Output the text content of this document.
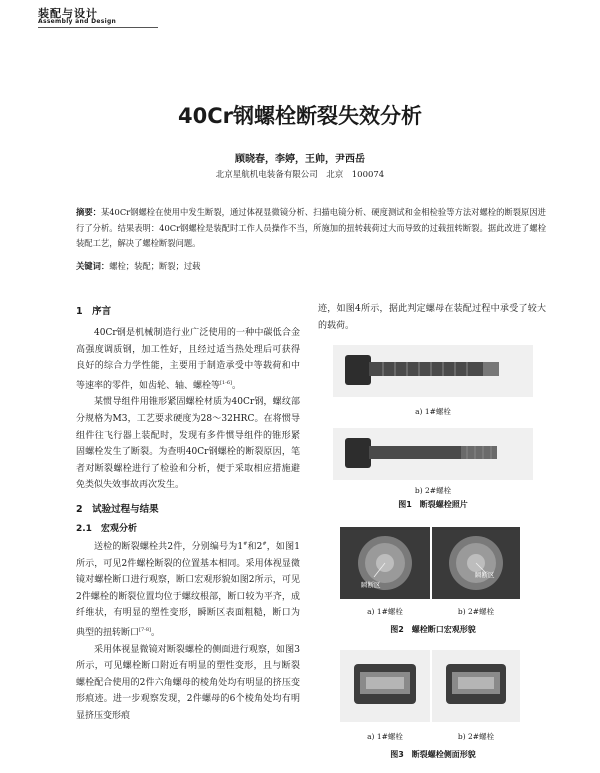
装配与设计
Assembly and Design
40Cr钢螺栓断裂失效分析
顾晓春，李婷，王帅，尹西岳
北京星航机电装备有限公司　北京　100074
摘要：某40Cr钢螺栓在使用中发生断裂，通过体视显微镜分析、扫描电镜分析、硬度测试和金相检验等方法对螺栓的断裂原因进行了分析。结果表明：40Cr钢螺栓是装配时工作人员操作不当，所施加的扭转载荷过大而导致的过载扭转断裂。据此改进了螺栓装配工艺，解决了螺栓断裂问题。
关键词：螺栓；装配；断裂；过载
1　序言
40Cr钢是机械制造行业广泛使用的一种中碳低合金高强度调质钢，加工性好，且经过适当热处理后可获得良好的综合力学性能，主要用于制造承受中等载荷和中等速率的零件，如齿轮、轴、螺栓等[1-6]。
某惯导组件用锥形紧固螺栓材质为40Cr钢，螺纹部分规格为M3，工艺要求硬度为28～32HRC。在将惯导组件往飞行器上装配时，发现有多件惯导组件的锥形紧固螺栓发生了断裂。为查明40Cr钢螺栓的断裂原因，笔者对断裂螺栓进行了检验和分析，便于采取相应措施避免类似失效事故再次发生。
2　试验过程与结果
2.1　宏观分析
送检的断裂螺栓共2件，分别编号为1#和2#，如图1所示，可见2件螺栓断裂的位置基本相同。采用体视显微镜对螺栓断口进行观察，断口宏观形貌如图2所示，可见2件螺栓的断裂位置均位于螺纹根部，断口较为平齐，成纤维状，有明显的塑性变形，瞬断区表面粗糙，断口为典型的扭转断口[7-8]。
采用体视显微镜对断裂螺栓的侧面进行观察，如图3所示，可见螺栓断口附近有明显的塑性变形，且与断裂螺栓配合使用的2件六角螺母的棱角处均有明显的挤压变形痕迹。进一步观察发现，2件螺母的6个棱角处均有明显挤压变形痕
迹，如图4所示，据此判定螺母在装配过程中承受了较大的载荷。
a) 1#螺栓
b) 2#螺栓
图1　断裂螺栓照片
瞬断区
瞬断区
a) 1#螺栓	b) 2#螺栓
图2　螺栓断口宏观形貌
a) 1#螺栓	b) 2#螺栓
图3　断裂螺栓侧面形貌
